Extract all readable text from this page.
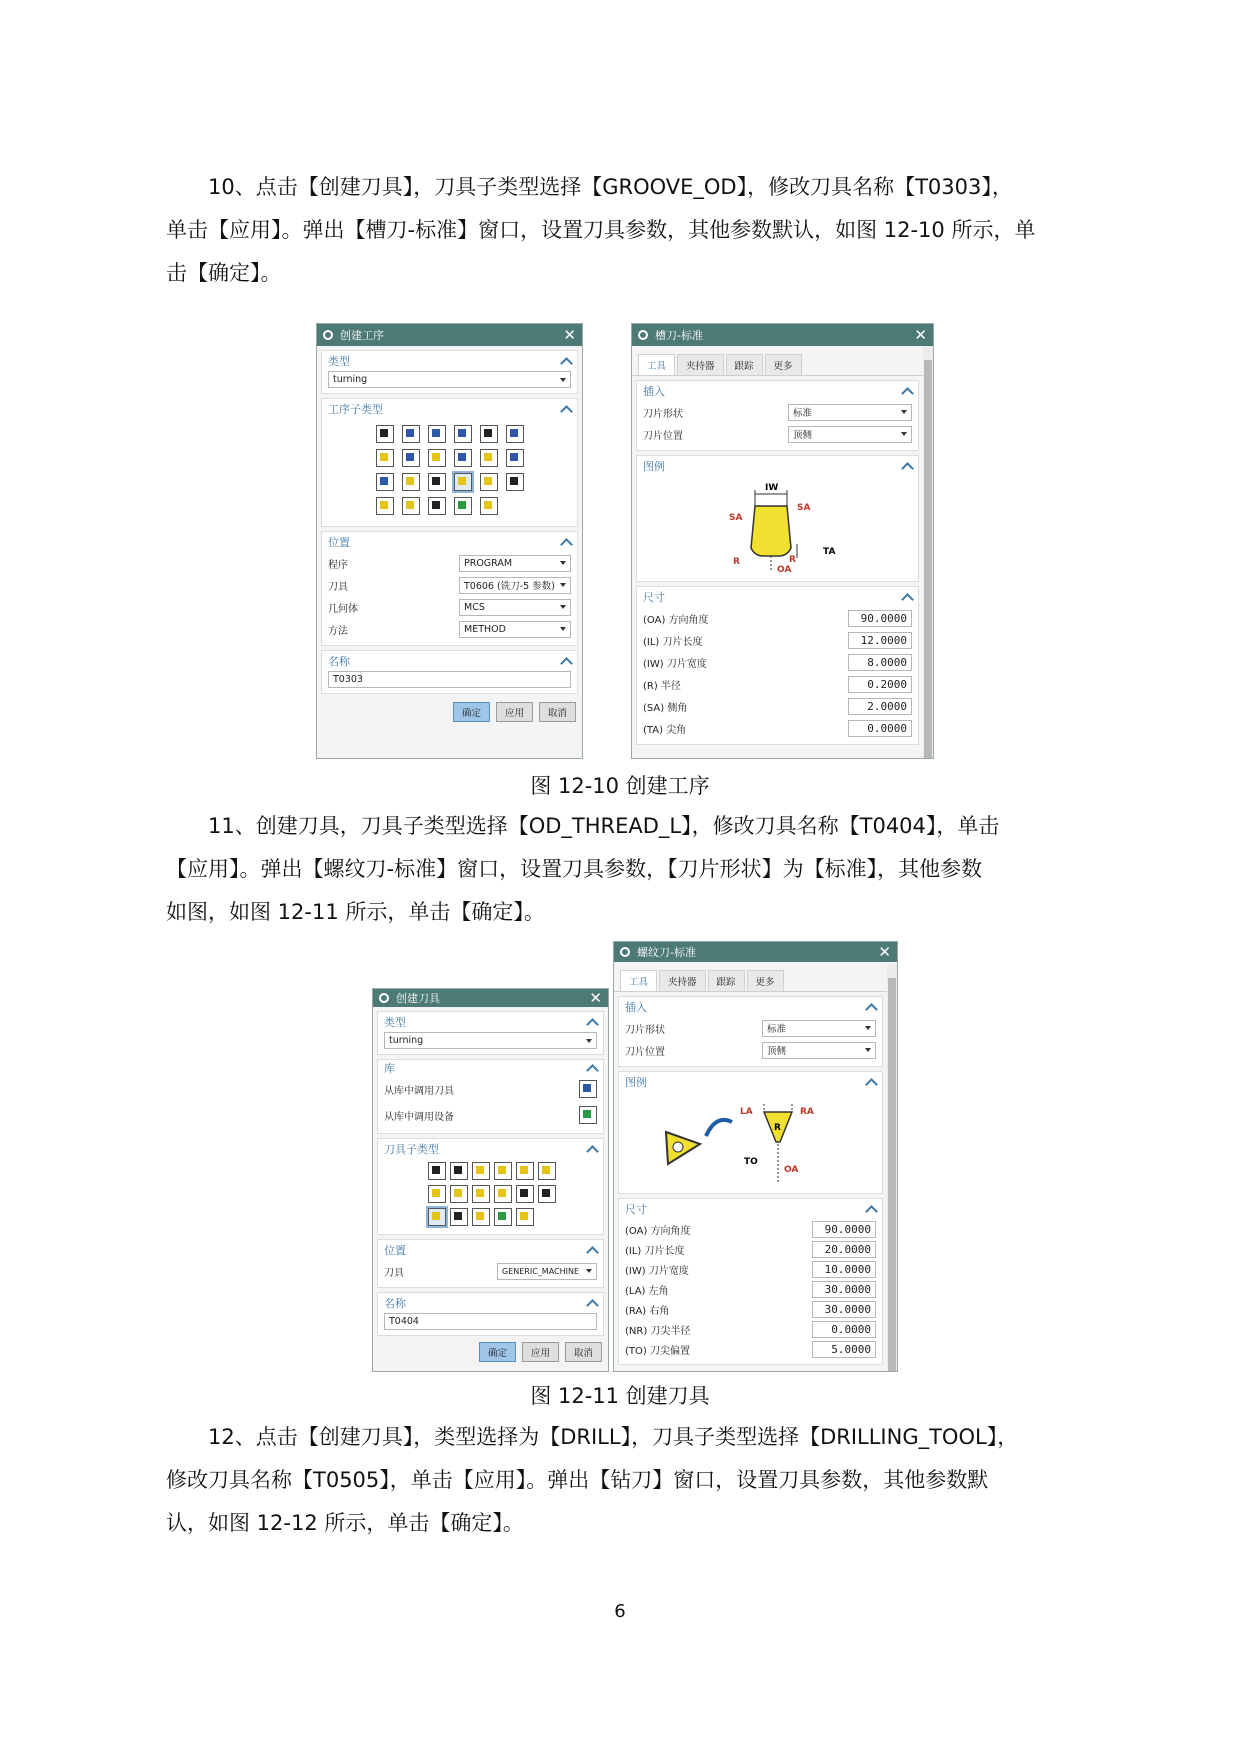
10、点击【创建刀具】，刀具子类型选择【GROOVE_OD】，修改刀具名称【T0303】，
单击【应用】。弹出【槽刀-标准】窗口，设置刀具参数，其他参数默认，如图 12-10 所示，单
击【确定】。
创建工序	✕
类型
turning
工序子类型
位置
程序	PROGRAM
刀具	T0606 (铣刀-5 参数)
几何体	MCS
方法	METHOD
名称
T0303
确定	应用	取消
槽刀-标准	✕
工具	夹持器	跟踪	更多
插入
刀片形状	标准
刀片位置	顶侧
图例
IW
SA
SA
R	R
TA
OA
尺寸
(OA) 方向角度	90.0000
(IL) 刀片长度	12.0000
(IW) 刀片宽度	8.0000
(R) 半径	0.2000
(SA) 侧角	2.0000
(TA) 尖角	0.0000
图 12-10 创建工序
11、创建刀具，刀具子类型选择【OD_THREAD_L】，修改刀具名称【T0404】，单击
【应用】。弹出【螺纹刀-标准】窗口，设置刀具参数，【刀片形状】为【标准】，其他参数
如图，如图 12-11 所示，单击【确定】。
创建刀具	✕
类型
turning
库
从库中调用刀具
从库中调用设备
刀具子类型
位置
刀具	GENERIC_MACHINE
名称
T0404
确定	应用	取消
螺纹刀-标准	✕
工具	夹持器	跟踪	更多
插入
刀片形状	标准
刀片位置	顶侧
图例
LA	RA
R
TO
OA
尺寸
(OA) 方向角度	90.0000
(IL) 刀片长度	20.0000
(IW) 刀片宽度	10.0000
(LA) 左角	30.0000
(RA) 右角	30.0000
(NR) 刀尖半径	0.0000
(TO) 刀尖偏置	5.0000
图 12-11 创建刀具
12、点击【创建刀具】，类型选择为【DRILL】，刀具子类型选择【DRILLING_TOOL】，
修改刀具名称【T0505】，单击【应用】。弹出【钻刀】窗口，设置刀具参数，其他参数默
认，如图 12-12 所示，单击【确定】。
6
